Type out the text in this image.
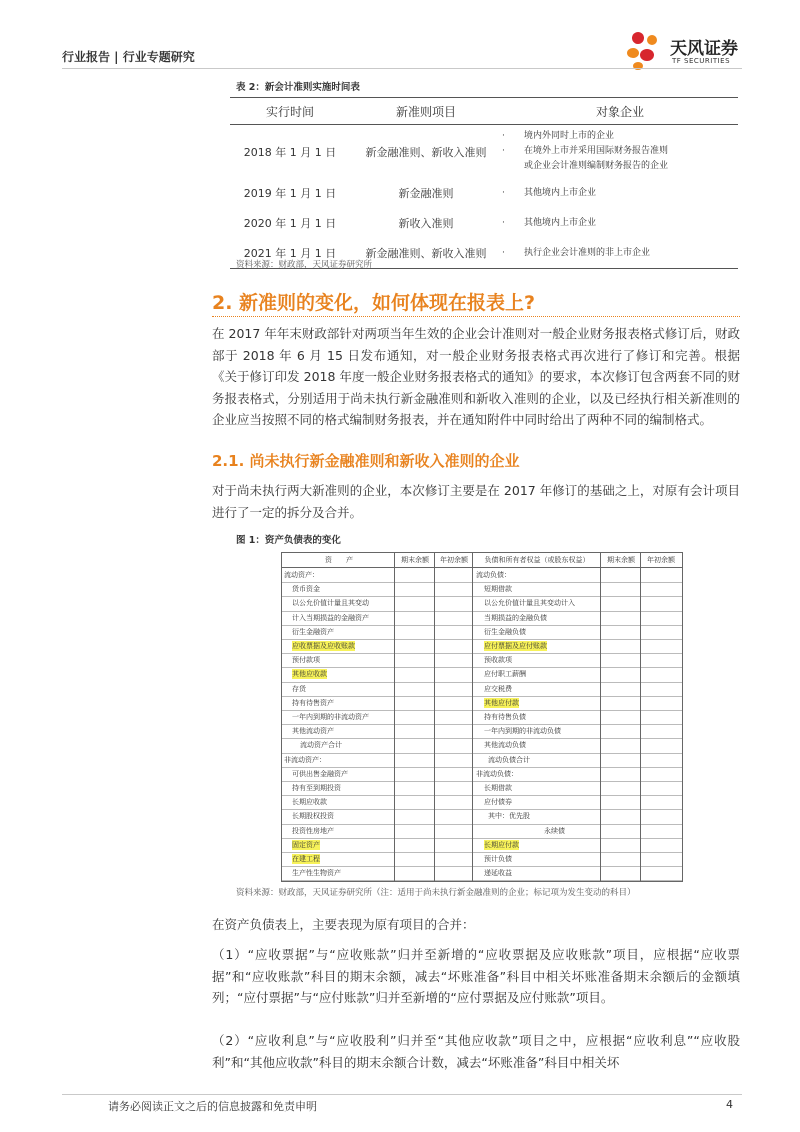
行业报告 | 行业专题研究	天风证券
TF SECURITIES
表 2：新会计准则实施时间表
实行时间	新准则项目	对象企业
2018 年 1 月 1 日	新金融准则、新收入准则	· 境内外同时上市的企业
· 在境外上市并采用国际财务报告准则
或企业会计准则编制财务报告的企业

2019 年 1 月 1 日	新金融准则	· 其他境内上市企业

2020 年 1 月 1 日	新收入准则	· 其他境内上市企业

2021 年 1 月 1 日	新金融准则、新收入准则	· 执行企业会计准则的非上市企业
资料来源：财政部，天风证券研究所
2. 新准则的变化，如何体现在报表上?
在 2017 年年末财政部针对两项当年生效的企业会计准则对一般企业财务报表格式修订后，财政部于 2018 年 6 月 15 日发布通知，对一般企业财务报表格式再次进行了修订和完善。根据《关于修订印发 2018 年度一般企业财务报表格式的通知》的要求，本次修订包含两套不同的财务报表格式，分别适用于尚未执行新金融准则和新收入准则的企业，以及已经执行相关新准则的企业应当按照不同的格式编制财务报表，并在通知附件中同时给出了两种不同的编制格式。
2.1. 尚未执行新金融准则和新收入准则的企业
对于尚未执行两大新准则的企业，本次修订主要是在 2017 年修订的基础之上，对原有会计项目进行了一定的拆分及合并。
图 1：资产负债表的变化
资　　产	期末余额	年初余额	负债和所有者权益（或股东权益）	期末余额	年初余额
流动资产：	流动负债：
货币资金	短期借款
以公允价值计量且其变动	以公允价值计量且其变动计入
计入当期损益的金融资产	当期损益的金融负债
衍生金融资产	衍生金融负债
应收票据及应收账款	应付票据及应付账款
预付款项	预收款项
其他应收款	应付职工薪酬
存货	应交税费
持有待售资产	其他应付款
一年内到期的非流动资产	持有待售负债
其他流动资产	一年内到期的非流动负债
流动资产合计	其他流动负债
非流动资产：	流动负债合计
可供出售金融资产	非流动负债：
持有至到期投资	长期借款
长期应收款	应付债券
长期股权投资	其中：优先股
投资性房地产	永续债
固定资产	长期应付款
在建工程	预计负债
生产性生物资产	递延收益
资料来源：财政部，天风证券研究所（注：适用于尚未执行新金融准则的企业；标记项为发生变动的科目）
在资产负债表上，主要表现为原有项目的合并：
（1）“应收票据”与“应收账款”归并至新增的“应收票据及应收账款”项目，应根据“应收票据”和“应收账款”科目的期末余额，减去“坏账准备”科目中相关坏账准备期末余额后的金额填列；“应付票据”与“应付账款”归并至新增的“应付票据及应付账款”项目。
（2）“应收利息”与“应收股利”归并至“其他应收款”项目之中，应根据“应收利息”“应收股利”和“其他应收款”科目的期末余额合计数，减去“坏账准备”科目中相关坏
请务必阅读正文之后的信息披露和免责申明	4
